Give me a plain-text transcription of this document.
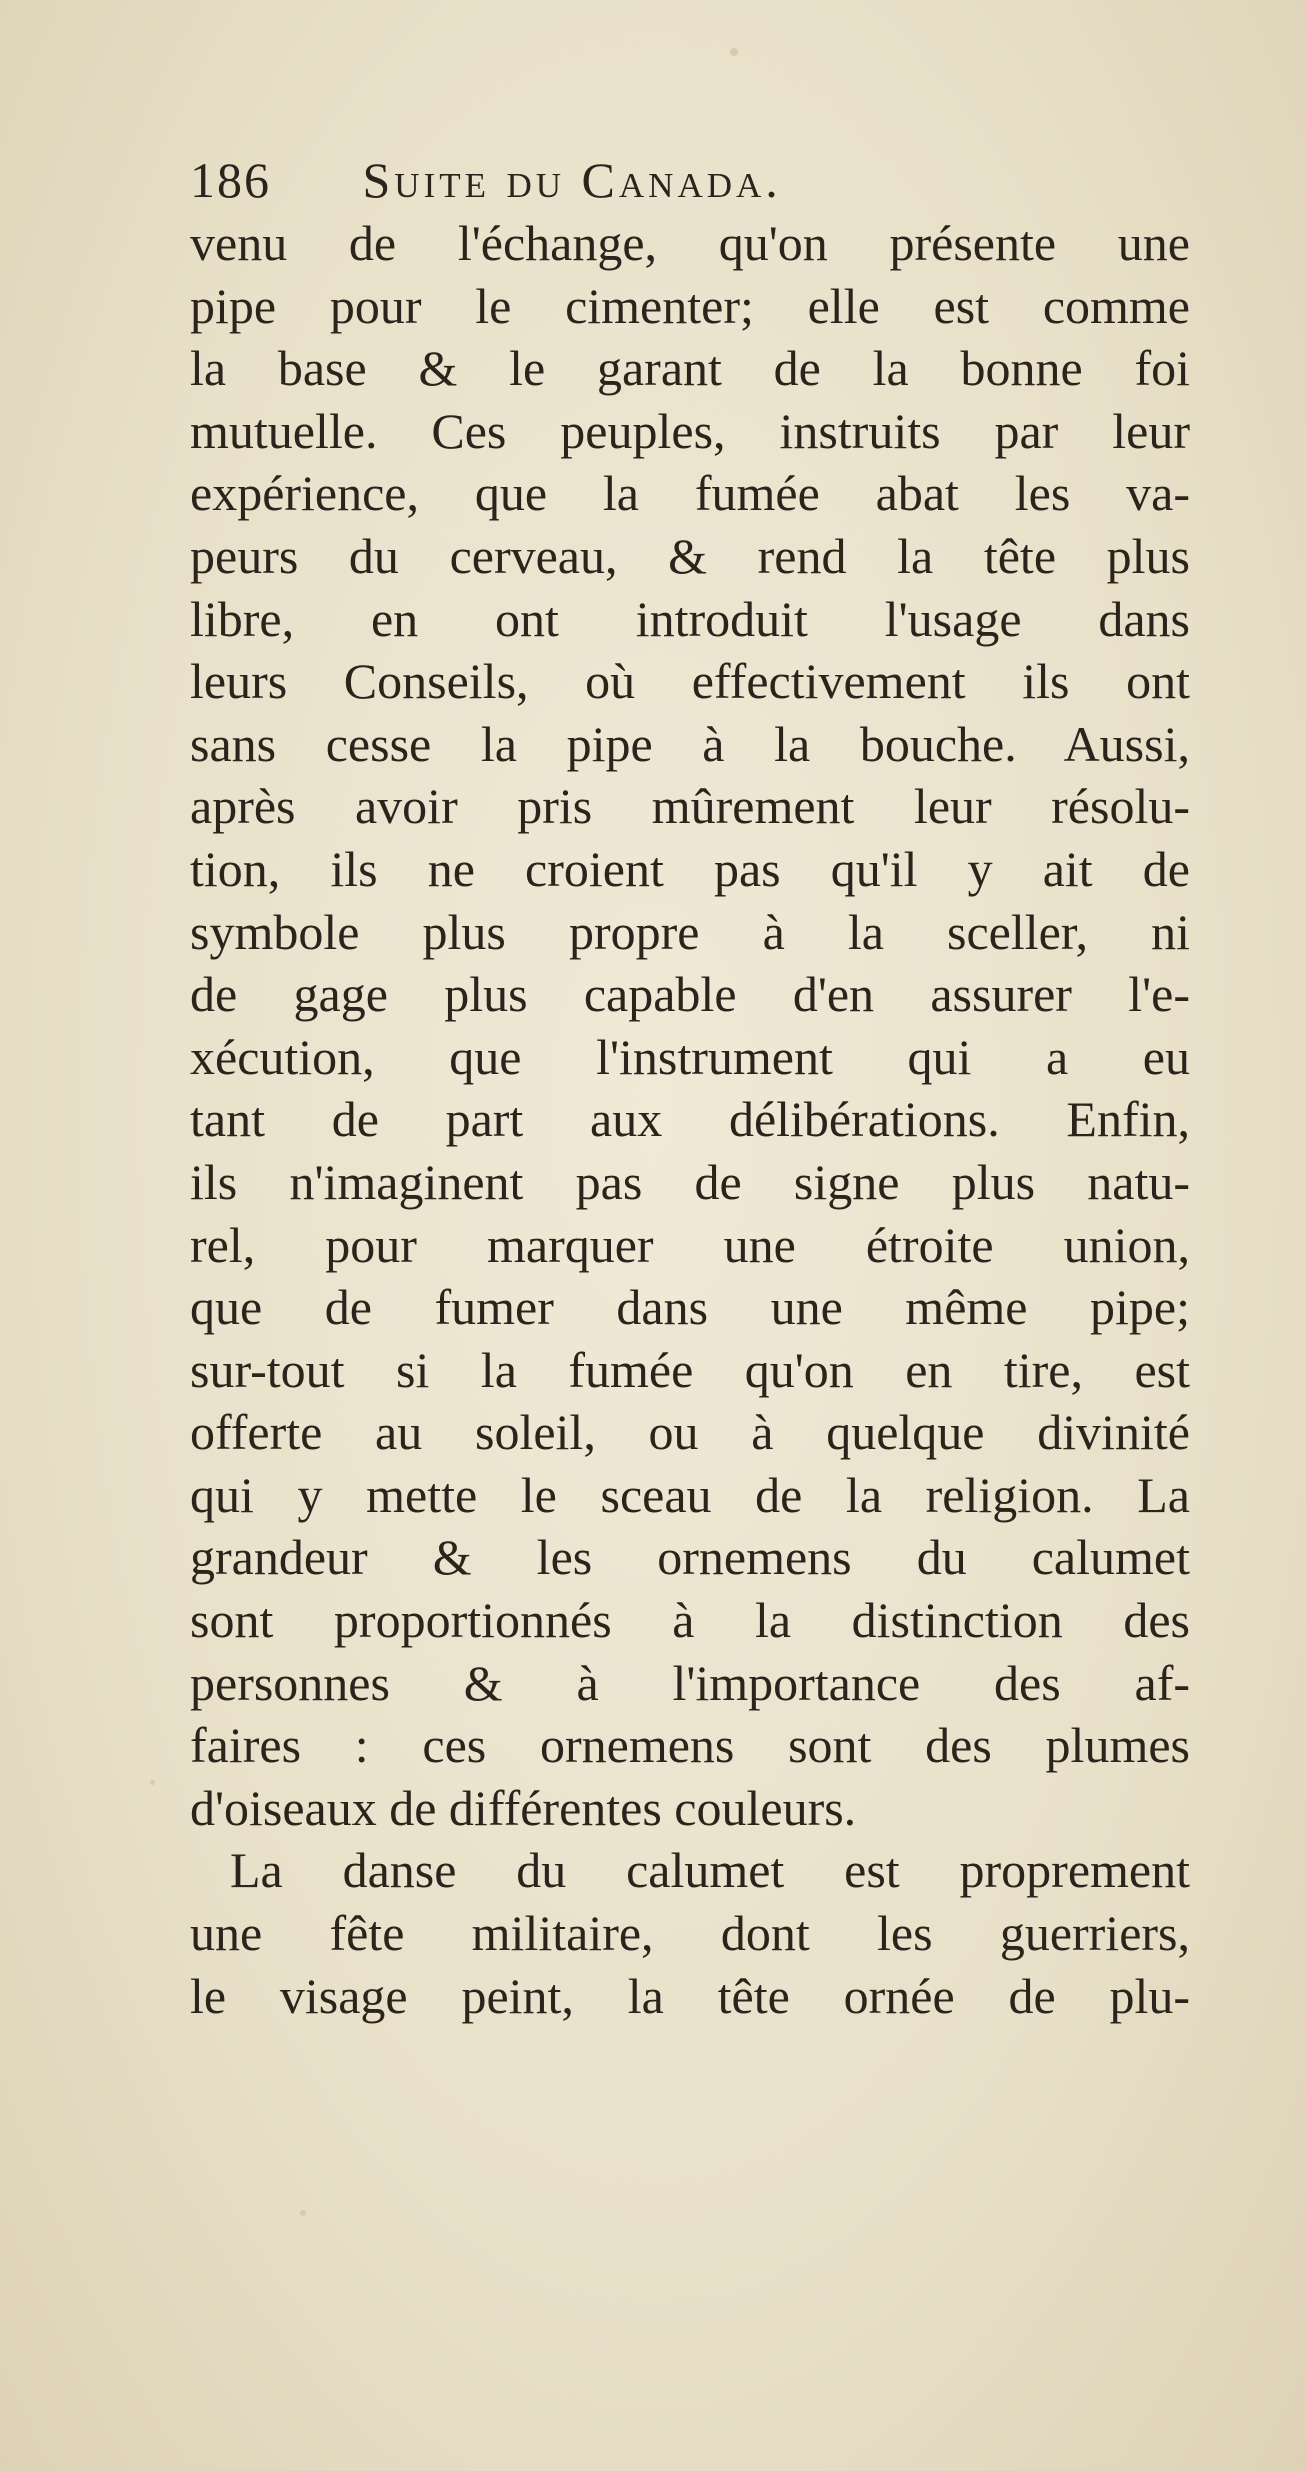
186 Suite du Canada.
venu de l'échange, qu'on présente une
pipe pour le cimenter; elle est comme
la base & le garant de la bonne foi
mutuelle. Ces peuples, instruits par leur
expérience, que la fumée abat les va-
peurs du cerveau, & rend la tête plus
libre, en ont introduit l'usage dans
leurs Conseils, où effectivement ils ont
sans cesse la pipe à la bouche. Aussi,
après avoir pris mûrement leur résolu-
tion, ils ne croient pas qu'il y ait de
symbole plus propre à la sceller, ni
de gage plus capable d'en assurer l'e-
xécution, que l'instrument qui a eu
tant de part aux délibérations. Enfin,
ils n'imaginent pas de signe plus natu-
rel, pour marquer une étroite union,
que de fumer dans une même pipe;
sur-tout si la fumée qu'on en tire, est
offerte au soleil, ou à quelque divinité
qui y mette le sceau de la religion. La
grandeur & les ornemens du calumet
sont proportionnés à la distinction des
personnes & à l'importance des af-
faires : ces ornemens sont des plumes
d'oiseaux de différentes couleurs.
La danse du calumet est proprement
une fête militaire, dont les guerriers,
le visage peint, la tête ornée de plu-
